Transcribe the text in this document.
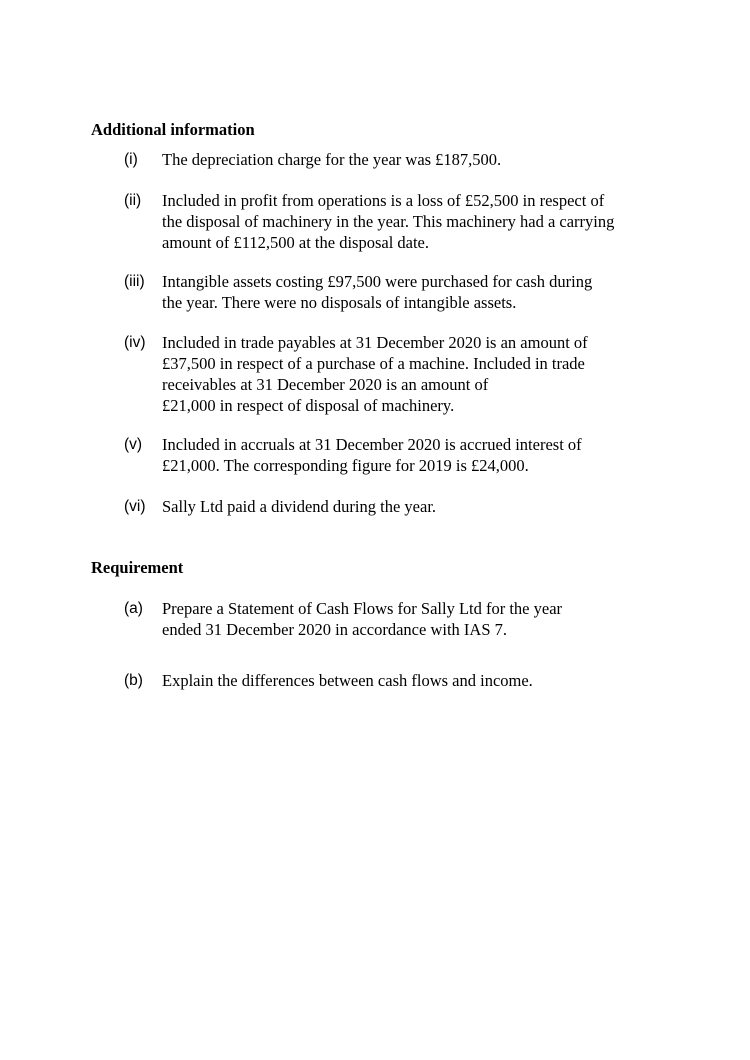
Additional information
(i) The depreciation charge for the year was £187,500.
(ii) Included in profit from operations is a loss of £52,500 in respect of
the disposal of machinery in the year. This machinery had a carrying
amount of £112,500 at the disposal date.
(iii) Intangible assets costing £97,500 were purchased for cash during
the year. There were no disposals of intangible assets.
(iv) Included in trade payables at 31 December 2020 is an amount of
£37,500 in respect of a purchase of a machine. Included in trade
receivables at 31 December 2020 is an amount of
£21,000 in respect of disposal of machinery.
(v) Included in accruals at 31 December 2020 is accrued interest of
£21,000. The corresponding figure for 2019 is £24,000.
(vi) Sally Ltd paid a dividend during the year.
Requirement
(a) Prepare a Statement of Cash Flows for Sally Ltd for the year
ended 31 December 2020 in accordance with IAS 7.
(b) Explain the differences between cash flows and income.
